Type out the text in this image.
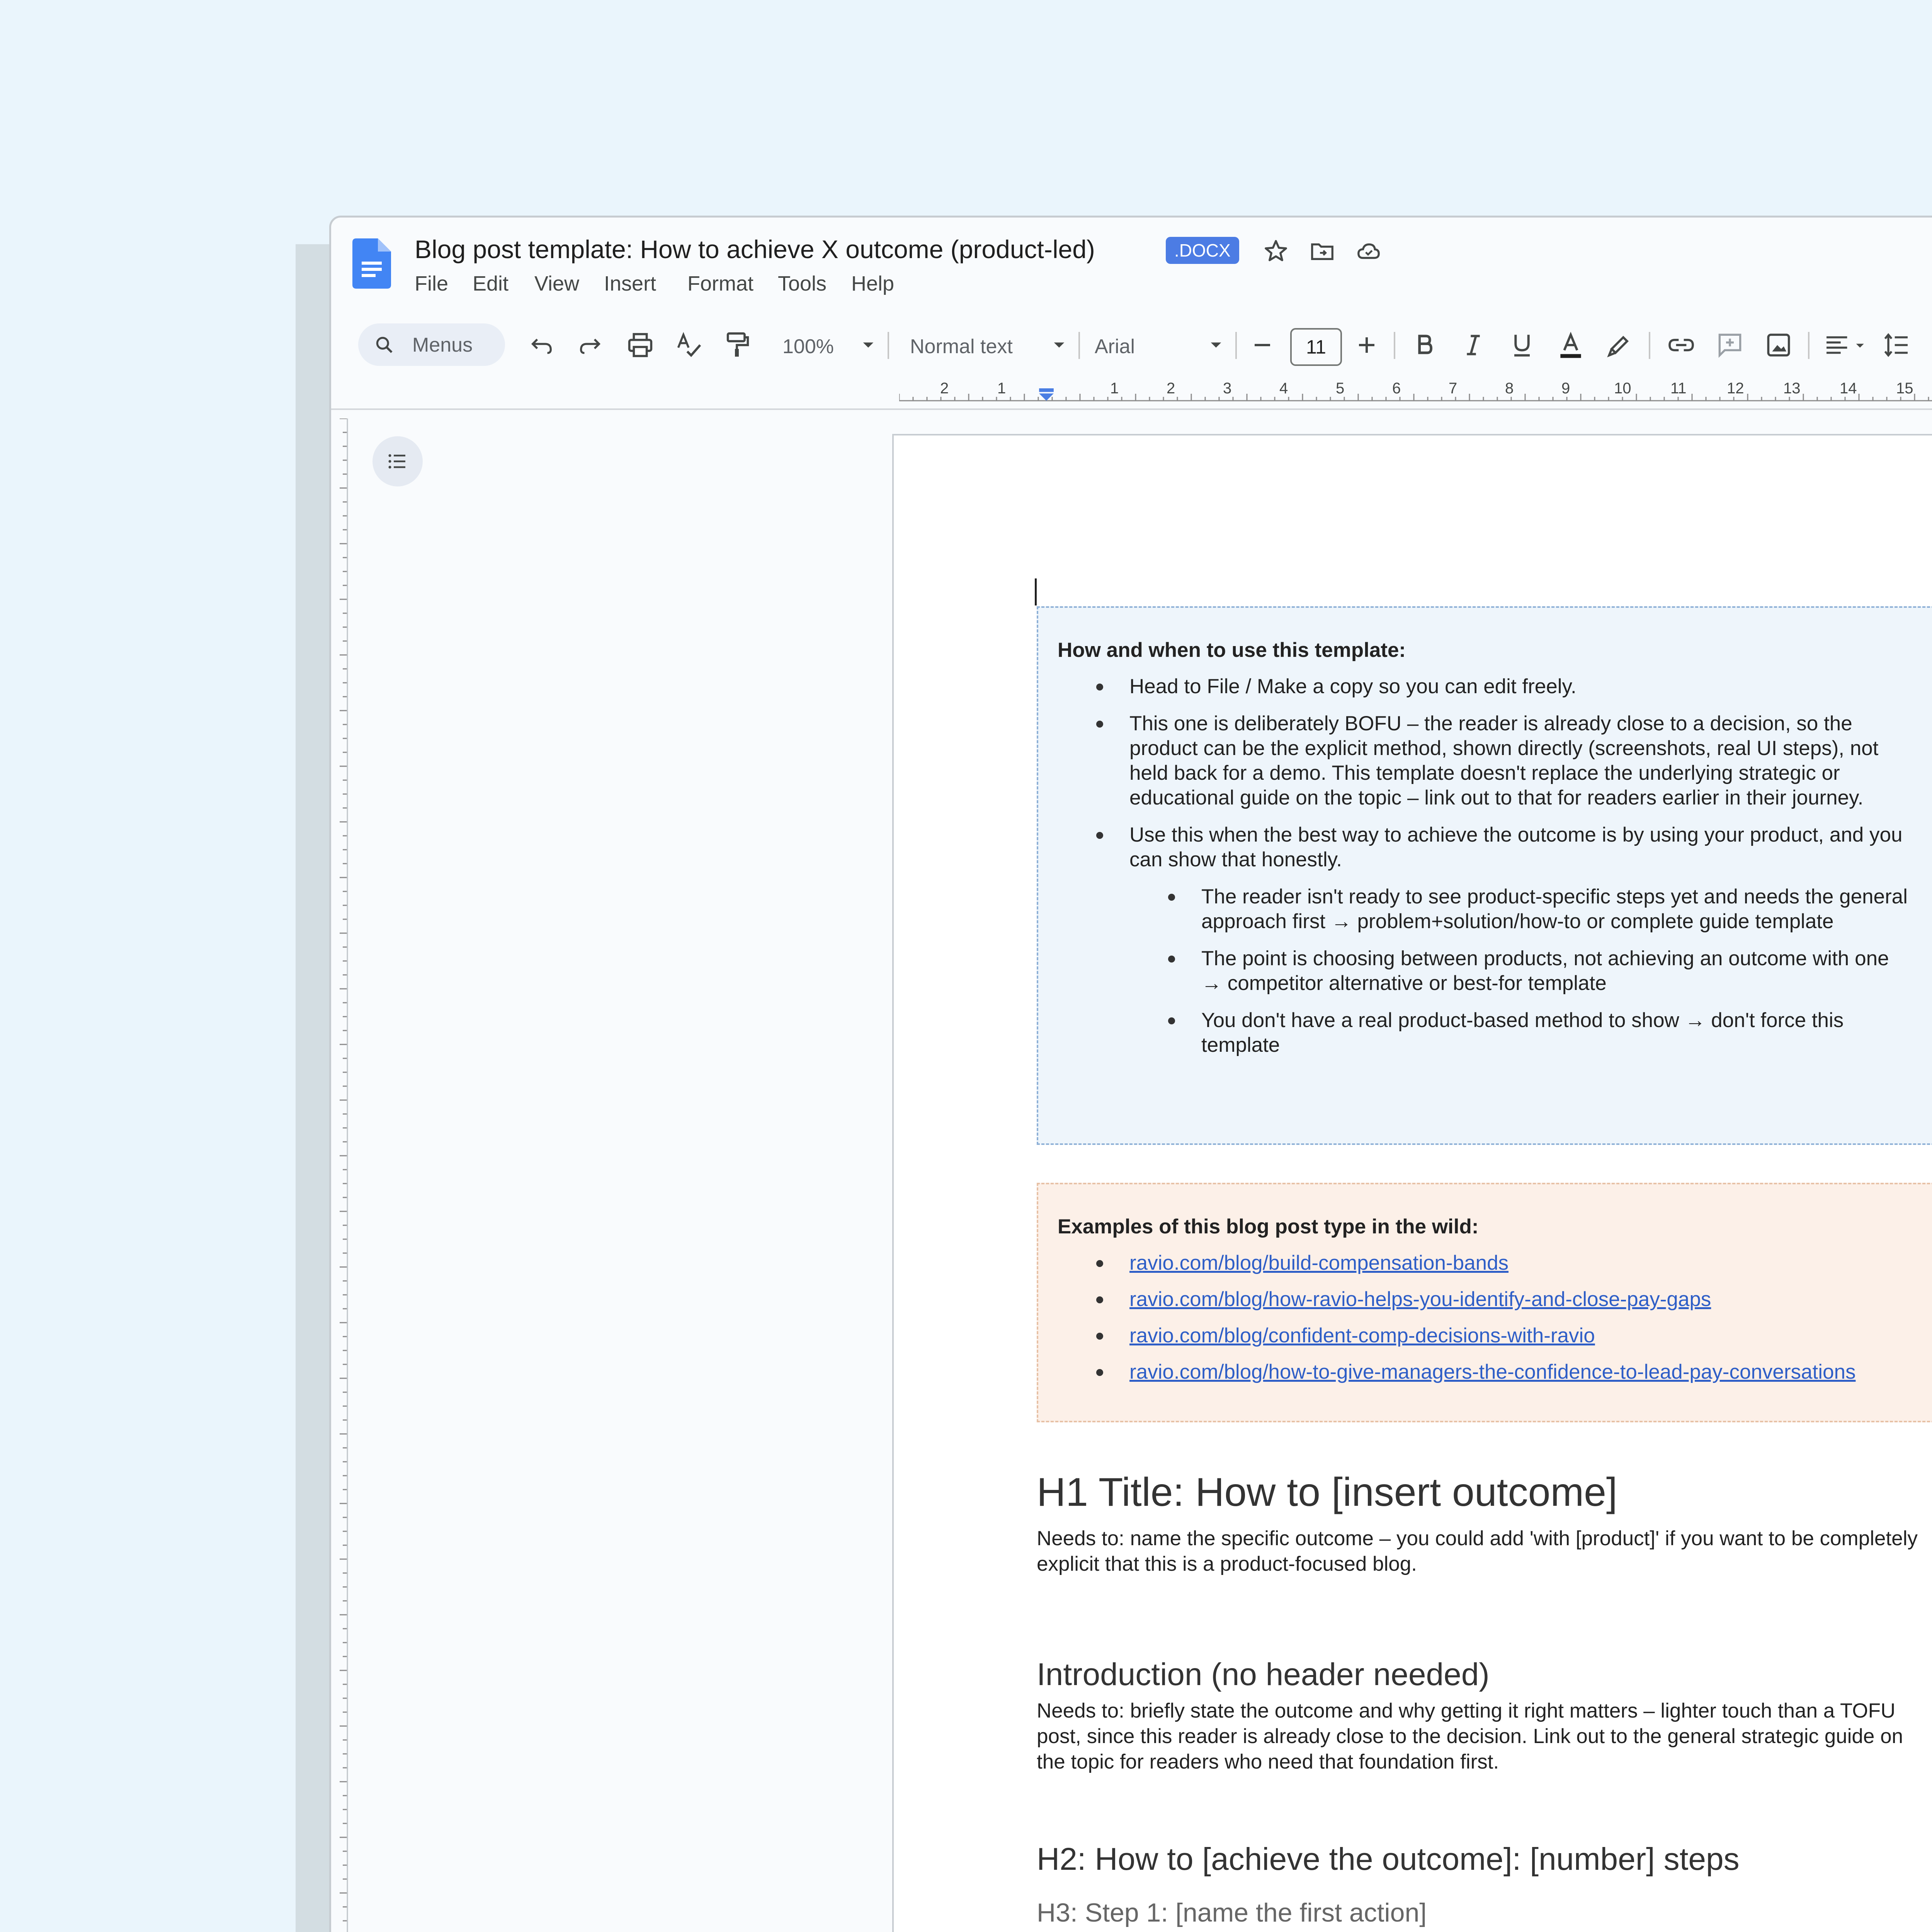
Blog post template: How to achieve X outcome (product-led)	.DOCX
File Edit View Insert Format Tools Help
Menus	100%	Normal text	Arial	11
2	1	1	2	3	4	5	6	7	8	9	10	11	12	13	14	15
How and when to use this template:
Head to File / Make a copy so you can edit freely.
This one is deliberately BOFU – the reader is already close to a decision, so the product can be the explicit method, shown directly (screenshots, real UI steps), not held back for a demo. This template doesn't replace the underlying strategic or educational guide on the topic – link out to that for readers earlier in their journey.
Use this when the best way to achieve the outcome is by using your product, and you can show that honestly.
The reader isn't ready to see product-specific steps yet and needs the general approach first → problem+solution/how-to or complete guide template
The point is choosing between products, not achieving an outcome with one → competitor alternative or best-for template
You don't have a real product-based method to show → don't force this template
Examples of this blog post type in the wild:
ravio.com/blog/build-compensation-bands
ravio.com/blog/how-ravio-helps-you-identify-and-close-pay-gaps
ravio.com/blog/confident-comp-decisions-with-ravio
ravio.com/blog/how-to-give-managers-the-confidence-to-lead-pay-conversations
H1 Title: How to [insert outcome]
Needs to: name the specific outcome – you could add 'with [product]' if you want to be completely explicit that this is a product-focused blog.
Introduction (no header needed)
Needs to: briefly state the outcome and why getting it right matters – lighter touch than a TOFU post, since this reader is already close to the decision. Link out to the general strategic guide on the topic for readers who need that foundation first.
H2: How to [achieve the outcome]: [number] steps
H3: Step 1: [name the first action]
